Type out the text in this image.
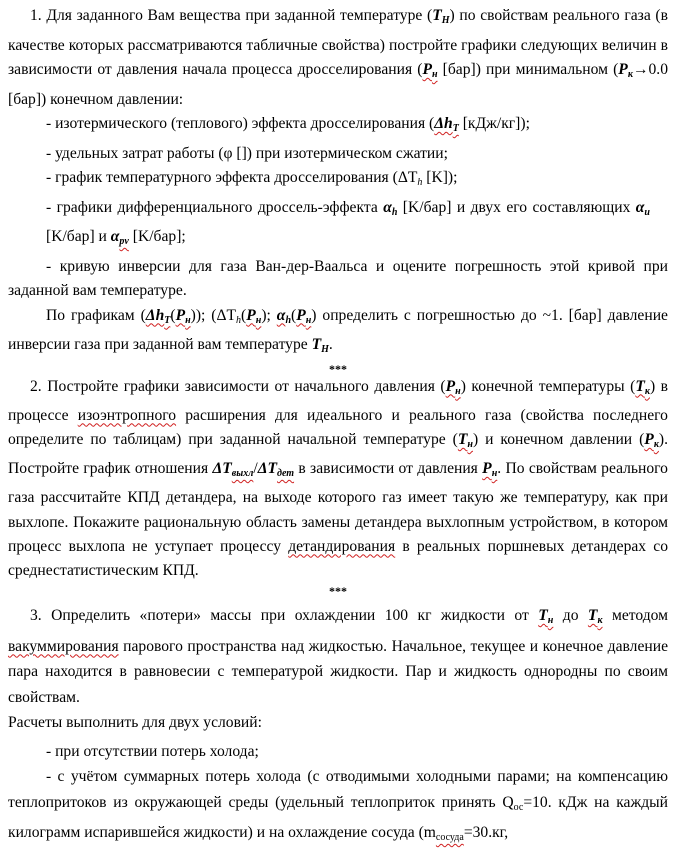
1. Для заданного Вам вещества при заданной температуре $(Т_Н)$ по свойствам реального газа (в качестве которых рассматриваются табличные свойства) постройте графики следующих величин в зависимости от давления начала процесса дросселирования ($Р_н$ [бар]) при минимальном ($Р_к\to 0.0$ [бар]) конечном давлении:

- изотермического (теплового) эффекта дросселирования ($\Delta h_T$ [кДж/кг]);

- удельных затрат работы (φ []) при изотермическом сжатии;

- график температурного эффекта дросселирования (ΔTh [K]);

- графики дифференциального дроссель-эффекта $\alpha_h$ [K/бар] и двух его составляющих $\alpha_u$ [K/бар] и $\alpha_{pv}$ [K/бар];

- кривую инверсии для газа Ван-дер-Ваальса и оцените погрешность этой кривой при заданной вам температуре.

По графикам $(\Delta h_T(Р_н))$; ($\Delta Th(Р_н)$; $\alpha_h(Р_н)$ определить с погрешностью до ~1. [бар] давление инверсии газа при заданной вам температуре $Т_Н$.

***

2. Постройте графики зависимости от начального давления $(Р_н)$ конечной температуры $(Т_к)$ в процессе изоэнтропного расширения для идеального и реального газа (свойства последнего определите по таблицам) при заданной начальной температуре $(Т_н)$ и конечном давлении $(Р_к)$. Постройте график отношения $\Delta T_{выхл}/\Delta T_{дет}$ в зависимости от давления $Р_н$. По свойствам реального газа рассчитайте КПД детандера, на выходе которого газ имеет такую же температуру, как при выхлопе. Покажите рациональную область замены детандера выхлопным устройством, в котором процесс выхлопа не уступает процессу детандирования в реальных поршневых детандерах со среднестатистическим КПД.

***

3. Определить «потери» массы при охлаждении 100 кг жидкости от $Т_н$ до $Т_к$ методом вакуммирования парового пространства над жидкостью. Начальное, текущее и конечное давление пара находится в равновесии с температурой жидкости. Пар и жидкость однородны по своим свойствам.

Расчеты выполнить для двух условий:

- при отсутствии потерь холода;

- с учётом суммарных потерь холода (с отводимыми холодными парами; на компенсацию теплопритоков из окружающей среды (удельный теплоприток принять Qос=10. кДж на каждый килограмм испарившейся жидкости) и на охлаждение сосуда (mсосуда=30.кг,
